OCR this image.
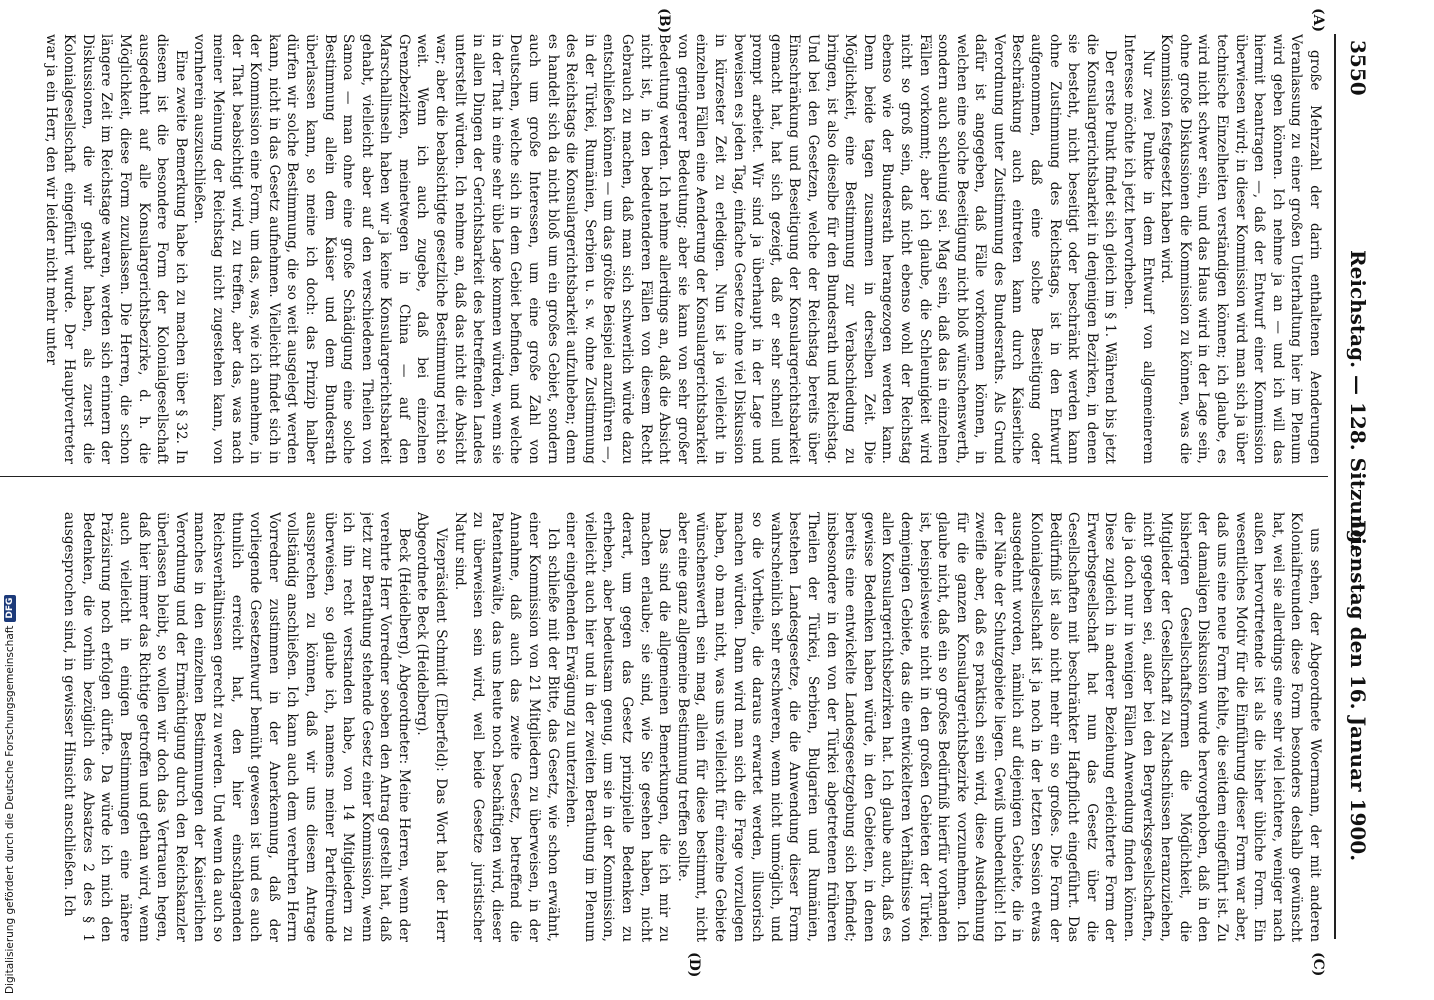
3550
Reichstag. — 128. Sitzung.
Dienstag den 16. Januar 1900.
(A)
(B)
(C)
(D)

große Mehrzahl der darin enthaltenen Aenderungen Veranlassung zu einer großen Unterhaltung hier im Plenum wird geben können. Ich nehme ja an — und ich will das hiermit beantragen —, daß der Entwurf einer Kommission überwiesen wird; in dieser Kommission wird man sich ja über technische Einzelheiten verständigen können; ich glaube, es wird nicht schwer sein, und das Haus wird in der Lage sein, ohne große Diskussionen die Kommission zu können, was die Kommission festgesetzt haben wird.

Nur zwei Punkte in dem Entwurf von allgemeinerem Interesse möchte ich jetzt hervorheben.

Der erste Punkt findet sich gleich im § 1. Während bis jetzt die Konsulargerichtsbarkeit in denjenigen Bezirken, in denen sie besteht, nicht beseitigt oder beschränkt werden kann ohne Zustimmung des Reichstags, ist in den Entwurf aufgenommen, daß eine solche Beseitigung oder Beschränkung auch eintreten kann durch Kaiserliche Verordnung unter Zustimmung des Bundesraths. Als Grund dafür ist angegeben, daß Fälle vorkommen können, in welchen eine solche Beseitigung nicht bloß wünschenswerth, sondern auch schleunig sei. Mag sein, daß das in einzelnen Fällen vorkommt; aber ich glaube, die Schleunigkeit wird nicht so groß sein, daß nicht ebenso wohl der Reichstag ebenso wie der Bundesrath herangezogen werden kann. Denn beide tagen zusammen in derselben Zeit. Die Möglichkeit, eine Bestimmung zur Verabschiedung zu bringen, ist also dieselbe für den Bundesrath und Reichstag. Und bei den Gesetzen, welche der Reichstag bereits über Einschränkung und Beseitigung der Konsulargerichtsbarkeit gemacht hat, hat sich gezeigt, daß er sehr schnell und prompt arbeitet. Wir sind ja überhaupt in der Lage und beweisen es jeden Tag, einfache Gesetze ohne viel Diskussion in kürzester Zeit zu erledigen. Nun ist ja vielleicht in einzelnen Fällen eine Aenderung der Konsulargerichtsbarkeit von geringerer Bedeutung; aber sie kann von sehr großer Bedeutung werden. Ich nehme allerdings an, daß die Absicht nicht ist, in den bedeutenderen Fällen von diesem Recht Gebrauch zu machen, daß man sich schwerlich würde dazu entschließen können — um das größte Beispiel anzuführen —, in der Türkei, Rumänien, Serbien u. s. w. ohne Zustimmung des Reichstags die Konsulargerichtsbarkeit aufzuheben; denn es handelt sich da nicht bloß um ein großes Gebiet, sondern auch um große Interessen, um eine große Zahl von Deutschen, welche sich in dem Gebiet befinden, und welche in der That in eine sehr üble Lage kommen würden, wenn sie in allen Dingen der Gerichtsbarkeit des betreffenden Landes unterstellt würden. Ich nehme an, daß das nicht die Absicht war; aber die beabsichtigte gesetzliche Bestimmung reicht so weit. Wenn ich auch zugebe, daß bei einzelnen Grenzbezirken, meinetwegen in China — auf den Marschallinseln haben wir ja keine Konsulargerichtsbarkeit gehabt, vielleicht aber auf den verschiedenen Theilen von Samoa — man ohne eine große Schädigung eine solche Bestimmung allein dem Kaiser und dem Bundesrath überlassen kann, so meine ich doch: das Prinzip halber dürfen wir solche Bestimmung, die so weit ausgelegt werden kann, nicht in das Gesetz aufnehmen. Vielleicht findet sich in der Kommission eine Form, um das, was, wie ich annehme, in der That beabsichtigt wird, zu treffen, aber das, was nach meiner Meinung der Reichstag nicht zugestehen kann, von vornherein auszuschließen.

Eine zweite Bemerkung habe ich zu machen über § 32. In diesem ist die besondere Form der Kolonialgesellschaft ausgedehnt auf alle Konsulargerichtsbezirke, d. h. die Möglichkeit, diese Form zuzulassen. Die Herren, die schon längere Zeit im Reichstage waren, werden sich erinnern der Diskussionen, die wir gehabt haben, als zuerst die Kolonialgesellschaft eingeführt wurde. Der Hauptvertreter war ja ein Herr, den wir leider nicht mehr unter

uns sehen, der Abgeordnete Woermann, der mit anderen Kolonialfreunden diese Form besonders deshalb gewünscht hat, weil sie allerdings eine sehr viel leichtere, weniger nach außen hervortretende ist als die bisher übliche Form. Ein wesentliches Motiv für die Einführung dieser Form war aber, daß uns eine neue Form fehlte, die seitdem eingeführt ist. Zu der damaligen Diskussion wurde hervorgehoben, daß in den bisherigen Gesellschaftsformen die Möglichkeit, die Mitglieder der Gesellschaft zu Nachschüssen heranzuziehen, nicht gegeben sei, außer bei den Bergwerksgesellschaften, die ja doch nur in wenigen Fällen Anwendung finden können. Diese zugleich in anderer Beziehung erleichterte Form der Erwerbsgesellschaft hat nun das Gesetz über die Gesellschaften mit beschränkter Haftpflicht eingeführt. Das Bedürfniß ist also nicht mehr ein so großes. Die Form der Kolonialgesellschaft ist ja noch in der letzten Session etwas ausgedehnt worden, nämlich auf diejenigen Gebiete, die in der Nähe der Schutzgebiete liegen. Gewiß unbedenklich! Ich zweifle aber, daß es praktisch sein wird, diese Ausdehnung für die ganzen Konsulargerichtsbezirke vorzunehmen. Ich glaube nicht, daß ein so großes Bedürfniß hierfür vorhanden ist, beispielsweise nicht in den großen Gebieten der Türkei, demjenigen Gebiete, das die entwickelteren Verhältnisse von allen Konsulargerichtsbezirken hat. Ich glaube auch, daß es gewisse Bedenken haben würde, in den Gebieten, in denen bereits eine entwickelte Landesgesetzgebung sich befindet; insbesondere in den von der Türkei abgetretenen früheren Theilen der Türkei, Serbien, Bulgarien und Rumänien, bestehen Landesgesetze, die die Anwendung dieser Form wahrscheinlich sehr erschweren, wenn nicht unmöglich, und so die Vortheile, die daraus erwartet werden, illusorisch machen würden. Dann wird man sich die Frage vorzulegen haben, ob man nicht, was uns vielleicht für einzelne Gebiete wünschenswerth sein mag, allein für diese bestimmt, nicht aber eine ganz allgemeine Bestimmung treffen sollte.

Das sind die allgemeinen Bemerkungen, die ich mir zu machen erlaube; sie sind, wie Sie gesehen haben, nicht derart, um gegen das Gesetz prinzipielle Bedenken zu erheben, aber bedeutsam genug, um sie in der Kommission, vielleicht auch hier und in der zweiten Berathung im Plenum einer eingehenden Erwägung zu unterziehen.

Ich schließe mit der Bitte, das Gesetz, wie schon erwähnt, einer Kommission von 21 Mitgliedern zu überweisen, in der Annahme, daß auch das zweite Gesetz, betreffend die Patentanwälte, das uns heute noch beschäftigen wird, dieser zu überweisen sein wird, weil beide Gesetze juristischer Natur sind.

Vizepräsident Schmidt (Elberfeld): Das Wort hat der Herr Abgeordnete Beck (Heidelberg).

Beck (Heidelberg), Abgeordneter: Meine Herren, wenn der verehrte Herr Vorredner soeben den Antrag gestellt hat, daß jetzt zur Berathung stehende Gesetz einer Kommission, wenn ich ihn recht verstanden habe, von 14 Mitgliedern zu überweisen, so glaube ich, namens meiner Parteifreunde aussprechen zu können, daß wir uns diesem Antrage vollständig anschließen. Ich kann auch dem verehrten Herrn Vorredner zustimmen in der Anerkennung, daß der vorliegende Gesetzentwurf bemüht gewesen ist und es auch thunlich erreicht hat, den hier einschlagenden Reichsverhältnissen gerecht zu werden. Und wenn da auch so manches in den einzelnen Bestimmungen der Kaiserlichen Verordnung und der Ermächtigung durch den Reichskanzler überlassen bleibt, so wollen wir doch das Vertrauen hegen, daß hier immer das Richtige getroffen und gethan wird, wenn auch vielleicht in einigen Bestimmungen eine nähere Präzisirung noch erfolgen dürfte. Da würde ich mich den Bedenken, die vorhin bezüglich des Absatzes 2 des § 1 ausgesprochen sind, in gewisser Hinsicht anschließen. Ich

Digitalisierung gefördert durch die Deutsche Forschungsgemeinschaft
DFG
